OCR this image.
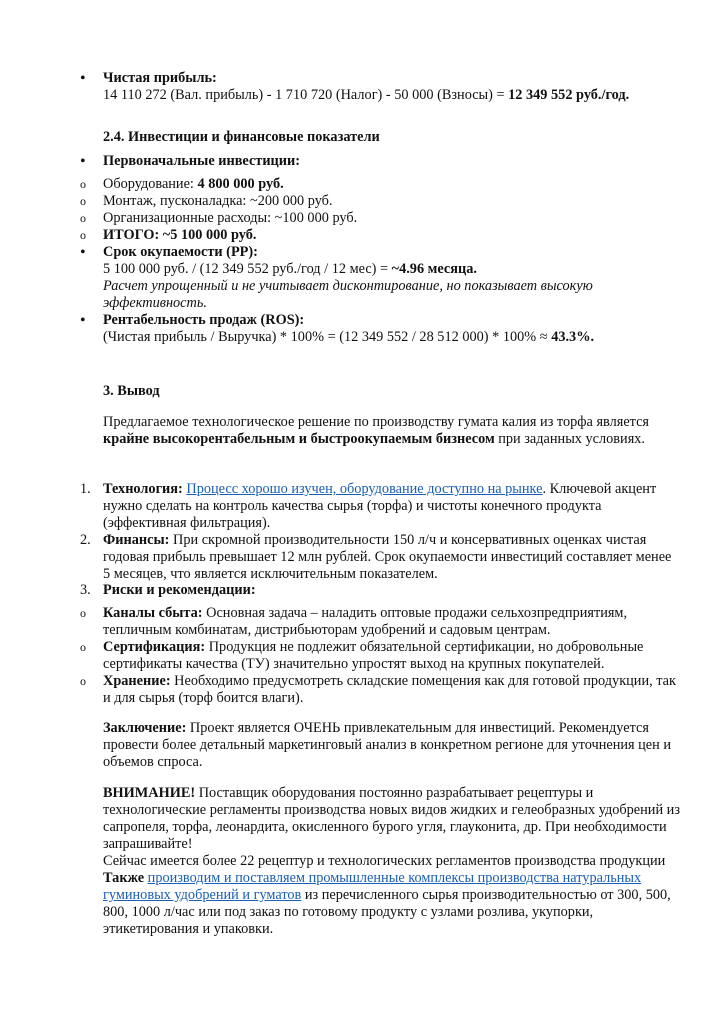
•

Чистая прибыль:

14 110 272 (Вал. прибыль) - 1 710 720 (Налог) - 50 000 (Взносы) = 12 349 552 руб./год.

2.4. Инвестиции и финансовые показатели
•
Первоначальные инвестиции:
o
Оборудование: 4 800 000 руб.
o
Монтаж, пусконаладка: ~200 000 руб.
o
Организационные расходы: ~100 000 руб.
o
ИТОГО: ~5 100 000 руб.
•

Срок окупаемости (PP):

5 100 000 руб. / (12 349 552 руб./год / 12 мес) = ~4.96 месяца.

Расчет упрощенный и не учитывает дисконтирование, но показывает высокую эффективность.

•

Рентабельность продаж (ROS):

(Чистая прибыль / Выручка) * 100% = (12 349 552 / 28 512 000) * 100% ≈ 43.3%.

3. Вывод
Предлагаемое технологическое решение по производству гумата калия из торфа является крайне высокорентабельным и быстроокупаемым бизнесом при заданных условиях.
1. Технология: Процесс хорошо изучен, оборудование доступно на рынке. Ключевой акцент нужно сделать на контроль качества сырья (торфа) и чистоты конечного продукта (эффективная фильтрация).
2. Финансы: При скромной производительности 150 л/ч и консервативных оценках чистая годовая прибыль превышает 12 млн рублей. Срок окупаемости инвестиций составляет менее 5 месяцев, что является исключительным показателем.
3. Риски и рекомендации:
o
Каналы сбыта: Основная задача – наладить оптовые продажи сельхозпредприятиям, тепличным комбинатам, дистрибьюторам удобрений и садовым центрам.
o
Сертификация: Продукция не подлежит обязательной сертификации, но добровольные сертификаты качества (ТУ) значительно упростят выход на крупных покупателей.
o
Хранение: Необходимо предусмотреть складские помещения как для готовой продукции, так и для сырья (торф боится влаги).
Заключение: Проект является ОЧЕНЬ привлекательным для инвестиций. Рекомендуется провести более детальный маркетинговый анализ в конкретном регионе для уточнения цен и объемов спроса.

ВНИМАНИЕ! Поставщик оборудования постоянно разрабатывает рецептуры и технологические регламенты производства новых видов жидких и гелеобразных удобрений из сапропеля, торфа, леонардита, окисленного бурого угля, глауконита, др. При необходимости запрашивайте!

Сейчас имеется более 22 рецептур и технологических регламентов производства продукции

Также производим и поставляем промышленные комплексы производства натуральных гуминовых удобрений и гуматов из перечисленного сырья производительностью от 300, 500, 800, 1000 л/час или под заказ по готовому продукту с узлами розлива, укупорки, этикетирования и упаковки.
